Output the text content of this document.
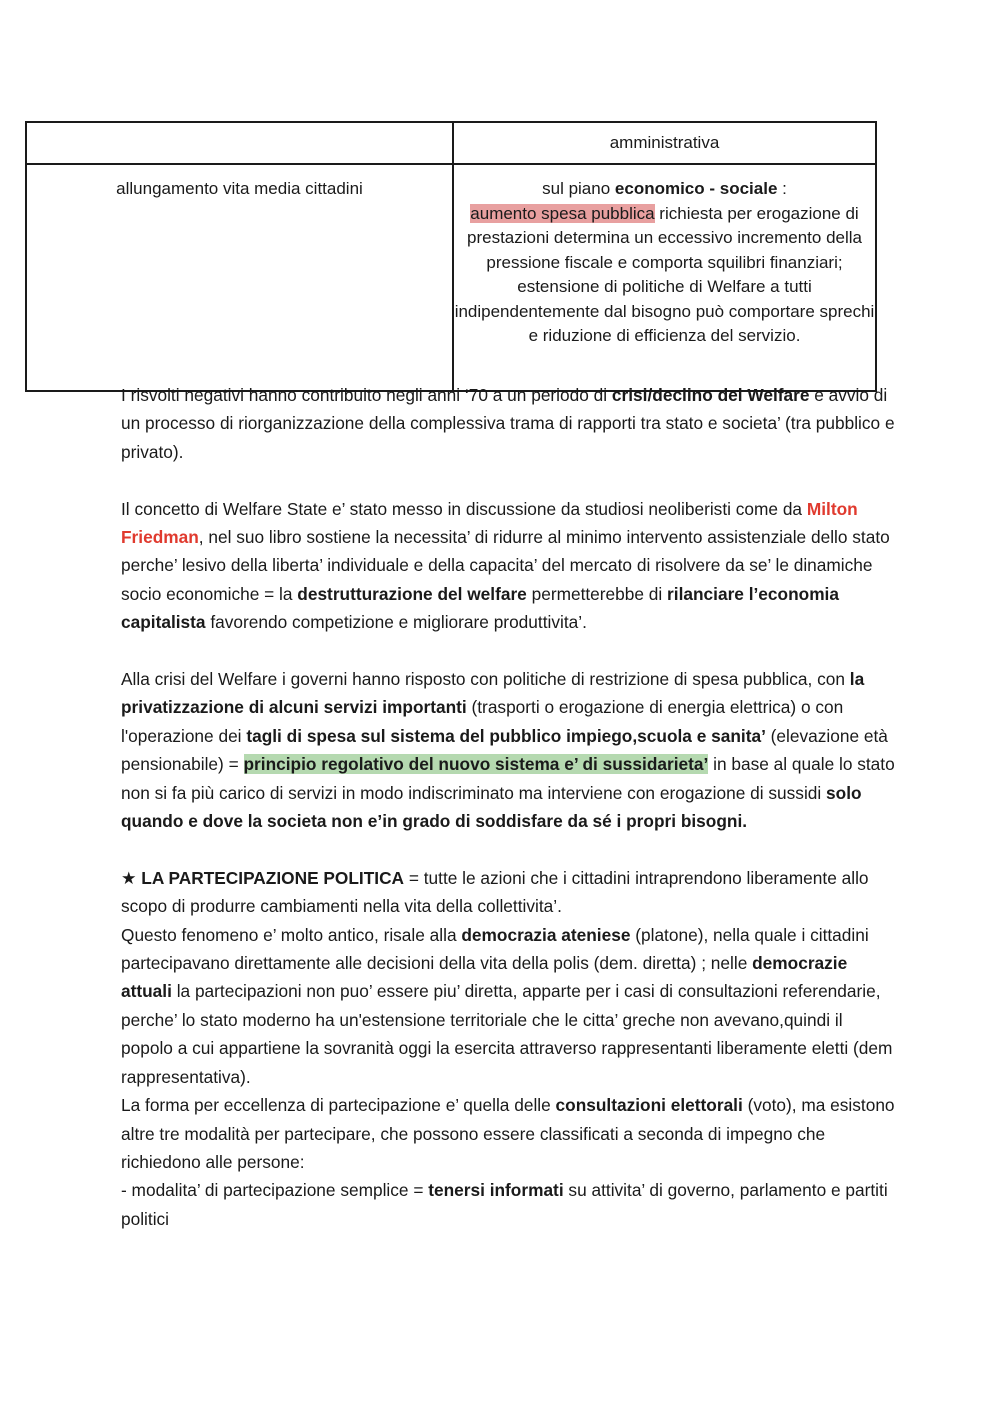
	amministrativa
allungamento vita media cittadini	sul piano economico - sociale :
aumento spesa pubblica richiesta per erogazione di prestazioni determina un eccessivo incremento della pressione fiscale e comporta squilibri finanziari;
estensione di politiche di Welfare a tutti indipendentemente dal bisogno può comportare sprechi e riduzione di efficienza del servizio.

I risvolti negativi hanno contribuito negli anni ‘70 a un periodo di crisi/declino del Welfare e avvio di un processo di riorganizzazione della complessiva trama di rapporti tra stato e societa’ (tra pubblico e privato).

Il concetto di Welfare State e’ stato messo in discussione da studiosi neoliberisti come da Milton Friedman, nel suo libro sostiene la necessita’ di ridurre al minimo intervento assistenziale dello stato perche’ lesivo della liberta’ individuale e della capacita’ del mercato di risolvere da se’ le dinamiche socio economiche = la destrutturazione del welfare permetterebbe di rilanciare l’economia capitalista favorendo competizione e migliorare produttivita’.

Alla crisi del Welfare i governi hanno risposto con politiche di restrizione di spesa pubblica, con la privatizzazione di alcuni servizi importanti (trasporti o erogazione di energia elettrica) o con l'operazione dei tagli di spesa sul sistema del pubblico impiego,scuola e sanita’ (elevazione età pensionabile) = principio regolativo del nuovo sistema e’ di sussidarieta’ in base al quale lo stato non si fa più carico di servizi in modo indiscriminato ma interviene con erogazione di sussidi solo quando e dove la societa non e’in grado di soddisfare da sé i propri bisogni.

★ LA PARTECIPAZIONE POLITICA = tutte le azioni che i cittadini intraprendono liberamente allo scopo di produrre cambiamenti nella vita della collettivita’.

Questo fenomeno e’ molto antico, risale alla democrazia ateniese (platone), nella quale i cittadini partecipavano direttamente alle decisioni della vita della polis (dem. diretta) ; nelle democrazie attuali la partecipazioni non puo’ essere piu’ diretta, apparte per i casi di consultazioni referendarie, perche’ lo stato moderno ha un'estensione territoriale che le citta’ greche non avevano,quindi il popolo a cui appartiene la sovranità oggi la esercita attraverso rappresentanti liberamente eletti (dem rappresentativa).

La forma per eccellenza di partecipazione e’ quella delle consultazioni elettorali (voto), ma esistono altre tre modalità per partecipare, che possono essere classificati a seconda di impegno che richiedono alle persone:

- modalita’ di partecipazione semplice = tenersi informati su attivita’ di governo, parlamento e partiti politici
